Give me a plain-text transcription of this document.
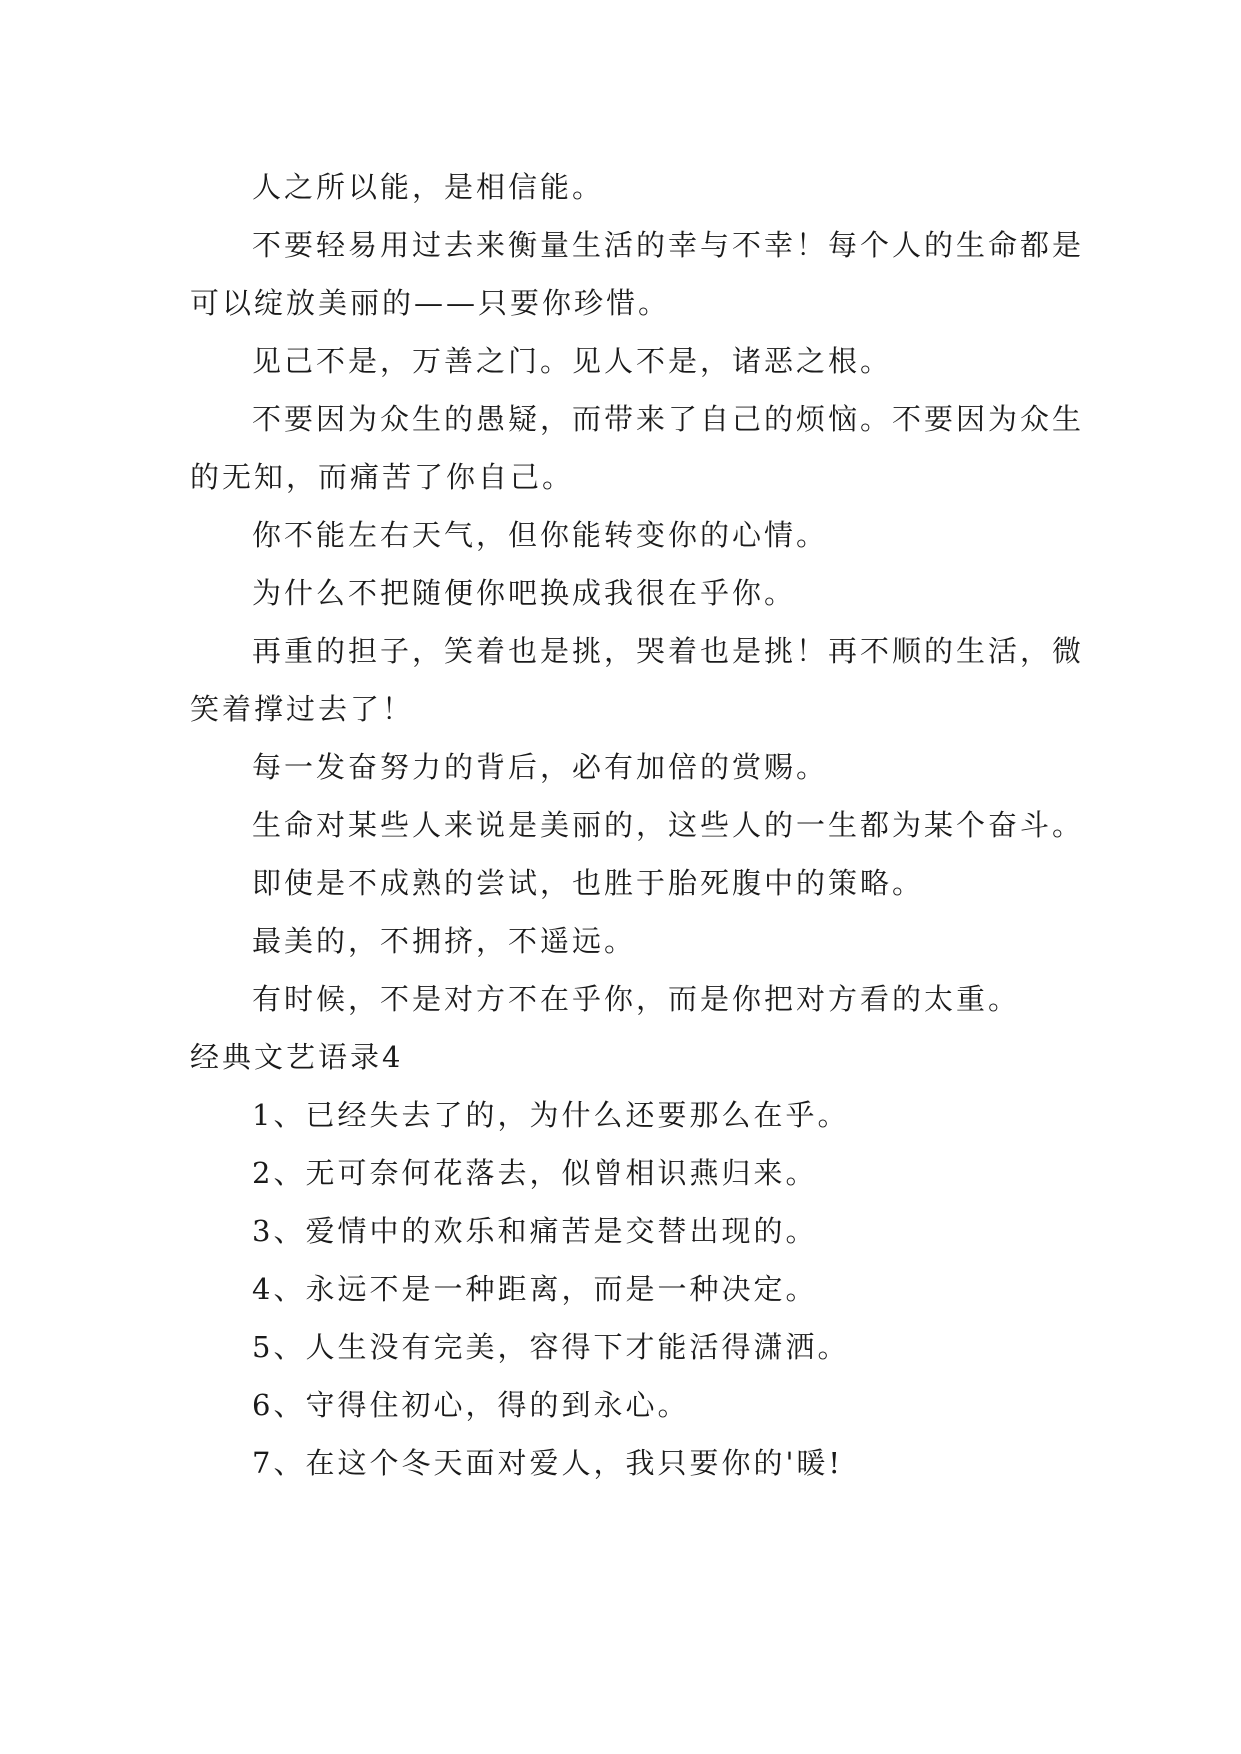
人之所以能，是相信能。

不要轻易用过去来衡量生活的幸与不幸！每个人的生命都是可以绽放美丽的——只要你珍惜。

见己不是，万善之门。见人不是，诸恶之根。

不要因为众生的愚疑，而带来了自己的烦恼。不要因为众生的无知，而痛苦了你自己。

你不能左右天气，但你能转变你的心情。

为什么不把随便你吧换成我很在乎你。

再重的担子，笑着也是挑，哭着也是挑！再不顺的生活，微笑着撑过去了！

每一发奋努力的背后，必有加倍的赏赐。

生命对某些人来说是美丽的，这些人的一生都为某个奋斗。

即使是不成熟的尝试，也胜于胎死腹中的策略。

最美的，不拥挤，不遥远。

有时候，不是对方不在乎你，而是你把对方看的太重。

经典文艺语录4

1、已经失去了的，为什么还要那么在乎。

2、无可奈何花落去，似曾相识燕归来。

3、爱情中的欢乐和痛苦是交替出现的。

4、永远不是一种距离，而是一种决定。

5、人生没有完美，容得下才能活得潇洒。

6、守得住初心，得的到永心。

7、在这个冬天面对爱人，我只要你的'暖!
